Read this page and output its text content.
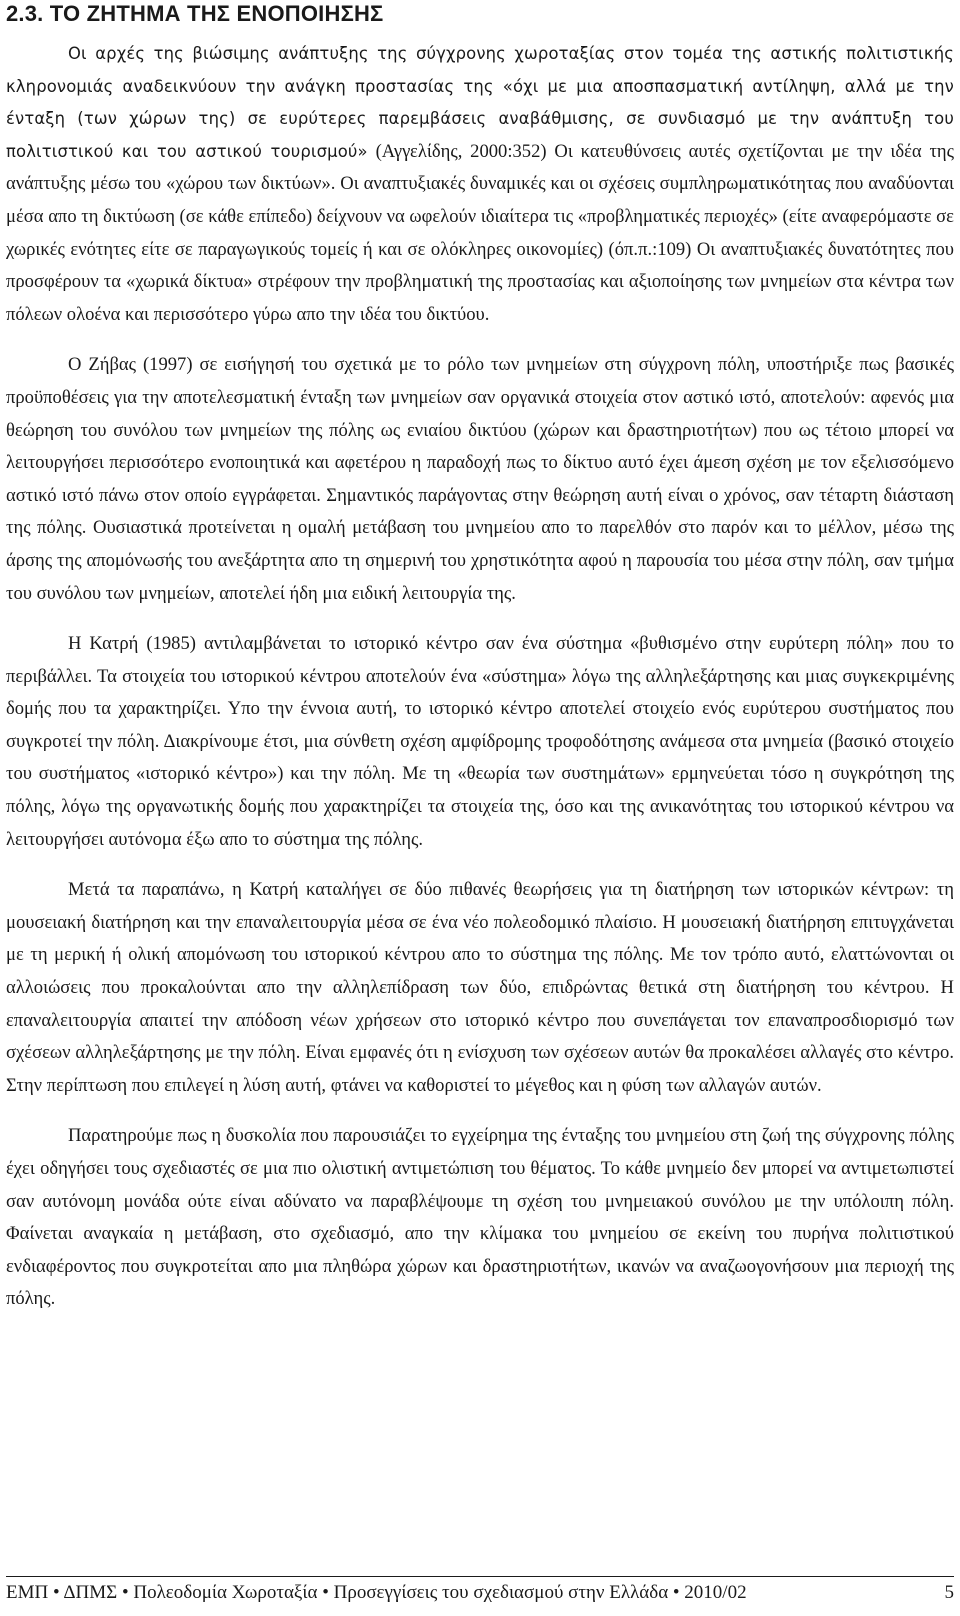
2.3. ΤΟ ΖΗΤΗΜΑ ΤΗΣ ΕΝΟΠΟΙΗΣΗΣ

Οι αρχές της βιώσιμης ανάπτυξης της σύγχρονης χωροταξίας στον τομέα της αστικής πολιτιστικής κληρονομιάς αναδεικνύουν την ανάγκη προστασίας της «όχι με μια αποσπασματική αντίληψη, αλλά με την ένταξη (των χώρων της) σε ευρύτερες παρεμβάσεις αναβάθμισης, σε συνδιασμό με την ανάπτυξη του πολιτιστικού και του αστικού τουρισμού» (Αγγελίδης, 2000:352) Οι κατευθύνσεις αυτές σχετίζονται με την ιδέα της ανάπτυξης μέσω του «χώρου των δικτύων». Οι αναπτυξιακές δυναμικές και οι σχέσεις συμπληρωματικότητας που αναδύονται μέσα απο τη δικτύωση (σε κάθε επίπεδο) δείχνουν να ωφελούν ιδιαίτερα τις «προβληματικές περιοχές» (είτε αναφερόμαστε σε χωρικές ενότητες είτε σε παραγωγικούς τομείς ή και σε ολόκληρες οικονομίες) (όπ.π.:109) Οι αναπτυξιακές δυνατότητες που προσφέρουν τα «χωρικά δίκτυα» στρέφουν την προβληματική της προστασίας και αξιοποίησης των μνημείων στα κέντρα των πόλεων ολοένα και περισσότερο γύρω απο την ιδέα του δικτύου.

Ο Ζήβας (1997) σε εισήγησή του σχετικά με το ρόλο των μνημείων στη σύγχρονη πόλη, υποστήριξε πως βασικές προϋποθέσεις για την αποτελεσματική ένταξη των μνημείων σαν οργανικά στοιχεία στον αστικό ιστό, αποτελούν: αφενός μια θεώρηση του συνόλου των μνημείων της πόλης ως ενιαίου δικτύου (χώρων και δραστηριοτήτων) που ως τέτοιο μπορεί να λειτουργήσει περισσότερο ενοποιητικά και αφετέρου η παραδοχή πως το δίκτυο αυτό έχει άμεση σχέση με τον εξελισσόμενο αστικό ιστό πάνω στον οποίο εγγράφεται. Σημαντικός παράγοντας στην θεώρηση αυτή είναι ο χρόνος, σαν τέταρτη διάσταση της πόλης. Ουσιαστικά προτείνεται η ομαλή μετάβαση του μνημείου απο το παρελθόν στο παρόν και το μέλλον, μέσω της άρσης της απομόνωσής του ανεξάρτητα απο τη σημερινή του χρηστικότητα αφού η παρουσία του μέσα στην πόλη, σαν τμήμα του συνόλου των μνημείων, αποτελεί ήδη μια ειδική λειτουργία της.

Η Κατρή (1985) αντιλαμβάνεται το ιστορικό κέντρο σαν ένα σύστημα «βυθισμένο στην ευρύτερη πόλη» που το περιβάλλει. Τα στοιχεία του ιστορικού κέντρου αποτελούν ένα «σύστημα» λόγω της αλληλεξάρτησης και μιας συγκεκριμένης δομής που τα χαρακτηρίζει. Υπο την έννοια αυτή, το ιστορικό κέντρο αποτελεί στοιχείο ενός ευρύτερου συστήματος που συγκροτεί την πόλη. Διακρίνουμε έτσι, μια σύνθετη σχέση αμφίδρομης τροφοδότησης ανάμεσα στα μνημεία (βασικό στοιχείο του συστήματος «ιστορικό κέντρο») και την πόλη. Με τη «θεωρία των συστημάτων» ερμηνεύεται τόσο η συγκρότηση της πόλης, λόγω της οργανωτικής δομής που χαρακτηρίζει τα στοιχεία της, όσο και της ανικανότητας του ιστορικού κέντρου να λειτουργήσει αυτόνομα έξω απο το σύστημα της πόλης.

Μετά τα παραπάνω, η Κατρή καταλήγει σε δύο πιθανές θεωρήσεις για τη διατήρηση των ιστορικών κέντρων: τη μουσειακή διατήρηση και την επαναλειτουργία μέσα σε ένα νέο πολεοδομικό πλαίσιο. Η μουσειακή διατήρηση επιτυγχάνεται με τη μερική ή ολική απομόνωση του ιστορικού κέντρου απο το σύστημα της πόλης. Με τον τρόπο αυτό, ελαττώνονται οι αλλοιώσεις που προκαλούνται απο την αλληλεπίδραση των δύο, επιδρώντας θετικά στη διατήρηση του κέντρου. Η επαναλειτουργία απαιτεί την απόδοση νέων χρήσεων στο ιστορικό κέντρο που συνεπάγεται τον επαναπροσδιορισμό των σχέσεων αλληλεξάρτησης με την πόλη. Είναι εμφανές ότι η ενίσχυση των σχέσεων αυτών θα προκαλέσει αλλαγές στο κέντρο. Στην περίπτωση που επιλεγεί η λύση αυτή, φτάνει να καθοριστεί το μέγεθος και η φύση των αλλαγών αυτών.

Παρατηρούμε πως η δυσκολία που παρουσιάζει το εγχείρημα της ένταξης του μνημείου στη ζωή της σύγχρονης πόλης έχει οδηγήσει τους σχεδιαστές σε μια πιο ολιστική αντιμετώπιση του θέματος. Το κάθε μνημείο δεν μπορεί να αντιμετωπιστεί σαν αυτόνομη μονάδα ούτε είναι αδύνατο να παραβλέψουμε τη σχέση του μνημειακού συνόλου με την υπόλοιπη πόλη. Φαίνεται αναγκαία η μετάβαση, στο σχεδιασμό, απο την κλίμακα του μνημείου σε εκείνη του πυρήνα πολιτιστικού ενδιαφέροντος που συγκροτείται απο μια πληθώρα χώρων και δραστηριοτήτων, ικανών να αναζωογονήσουν μια περιοχή της πόλης.

ΕΜΠ • ΔΠΜΣ • Πολεοδομία Χωροταξία • Προσεγγίσεις του σχεδιασμού στην Ελλάδα • 2010/02	5
